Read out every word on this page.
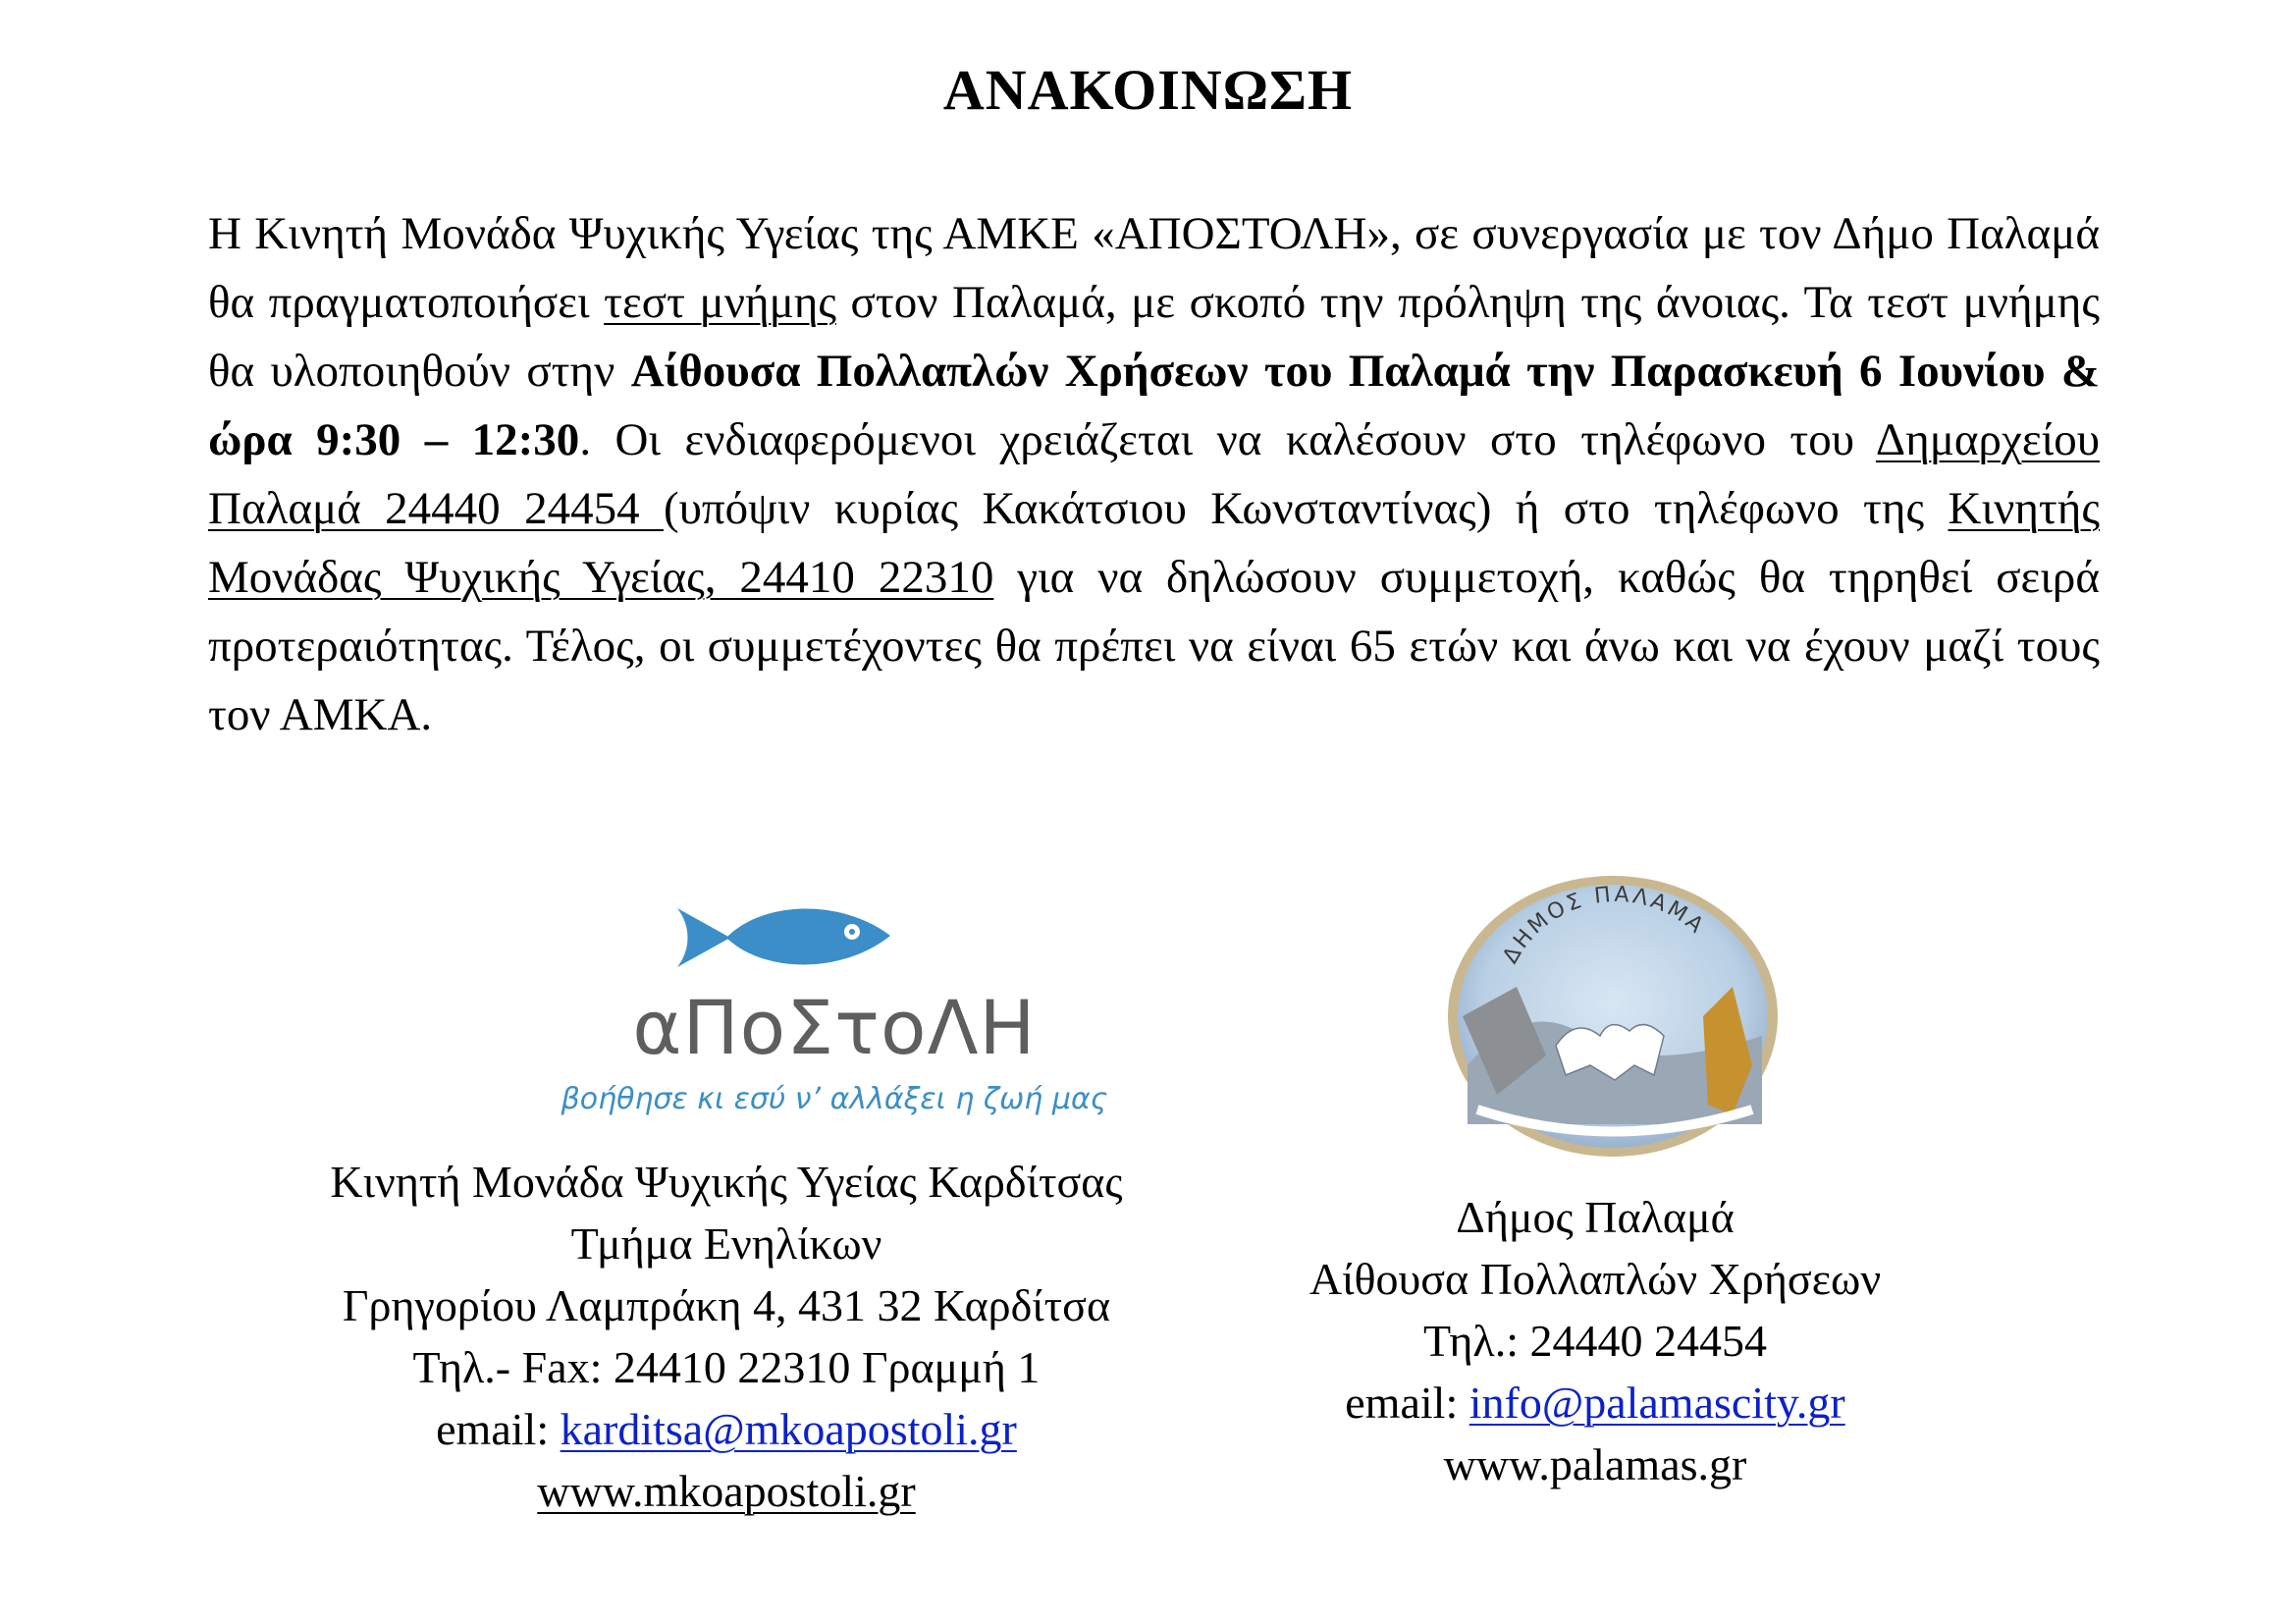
ΑΝΑΚΟΙΝΩΣΗ
Η Κινητή Μονάδα Ψυχικής Υγείας της ΑΜΚΕ «ΑΠΟΣΤΟΛΗ», σε συνεργασία με τον Δήμο Παλαμά θα πραγματοποιήσει τεστ μνήμης στον Παλαμά, με σκοπό την πρόληψη της άνοιας. Τα τεστ μνήμης θα υλοποιηθούν στην Αίθουσα Πολλαπλών Χρήσεων του Παλαμά την Παρασκευή 6 Ιουνίου & ώρα 9:30 – 12:30. Οι ενδιαφερόμενοι χρειάζεται να καλέσουν στο τηλέφωνο του Δημαρχείου Παλαμά 24440 24454 (υπόψιν κυρίας Κακάτσιου Κωνσταντίνας) ή στο τηλέφωνο της Κινητής Μονάδας Ψυχικής Υγείας, 24410 22310 για να δηλώσουν συμμετοχή, καθώς θα τηρηθεί σειρά προτεραιότητας. Τέλος, οι συμμετέχοντες θα πρέπει να είναι 65 ετών και άνω και να έχουν μαζί τους τον ΑΜΚΑ.
αΠοΣτοΛΗ
βοήθησε κι εσύ ν’ αλλάξει η ζωή μας
ΔΗΜΟΣ ΠΑΛΑΜΑ
Κινητή Μονάδα Ψυχικής Υγείας Καρδίτσας
Τμήμα Ενηλίκων
Γρηγορίου Λαμπράκη 4, 431 32 Καρδίτσα
Τηλ.- Fax: 24410 22310 Γραμμή 1
email: karditsa@mkoapostoli.gr
www.mkoapostoli.gr
Δήμος Παλαμά
Αίθουσα Πολλαπλών Χρήσεων
Τηλ.: 24440 24454
email: info@palamascity.gr
www.palamas.gr
